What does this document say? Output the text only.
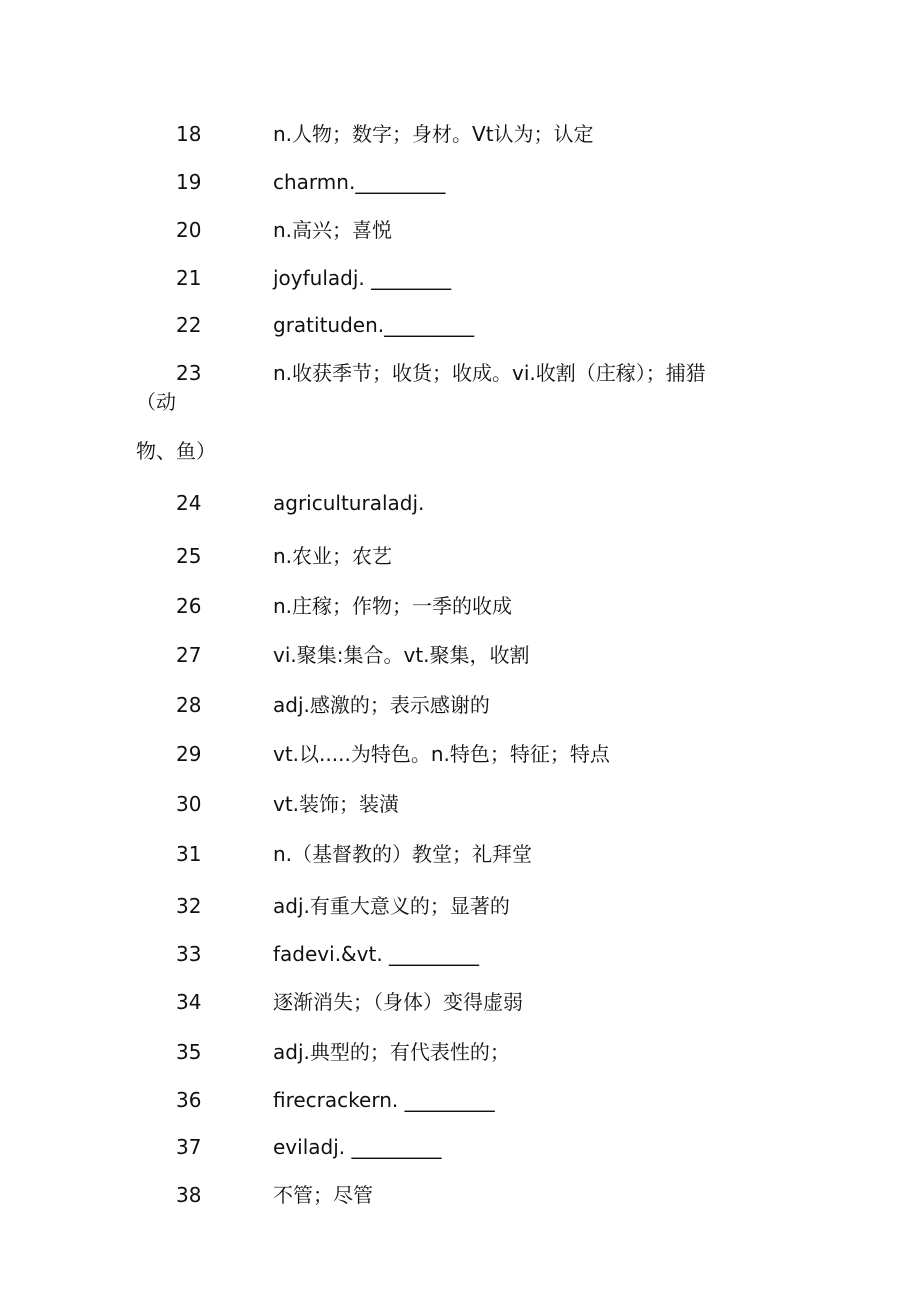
18	n.人物；数字；身材。Vt认为；认定
19	charmn._________
20	n.高兴；喜悦
21	joyfuladj. ________
22	gratituden._________
23	n.收获季节；收货；收成。vi.收割（庄稼）；捕猎
（动
物、鱼）
24	agriculturaladj.
25	n.农业；农艺
26	n.庄稼；作物；一季的收成
27	vi.聚集:集合。vt.聚集，收割
28	adj.感激的；表示感谢的
29	vt.以.....为特色。n.特色；特征；特点
30	vt.装饰；装潢
31	n.（基督教的）教堂；礼拜堂
32	adj.有重大意义的；显著的
33	fadevi.&vt. _________
34	逐渐消失；（身体）变得虚弱
35	adj.典型的；有代表性的；
36	firecrackern. _________
37	eviladj. _________
38	不管；尽管
